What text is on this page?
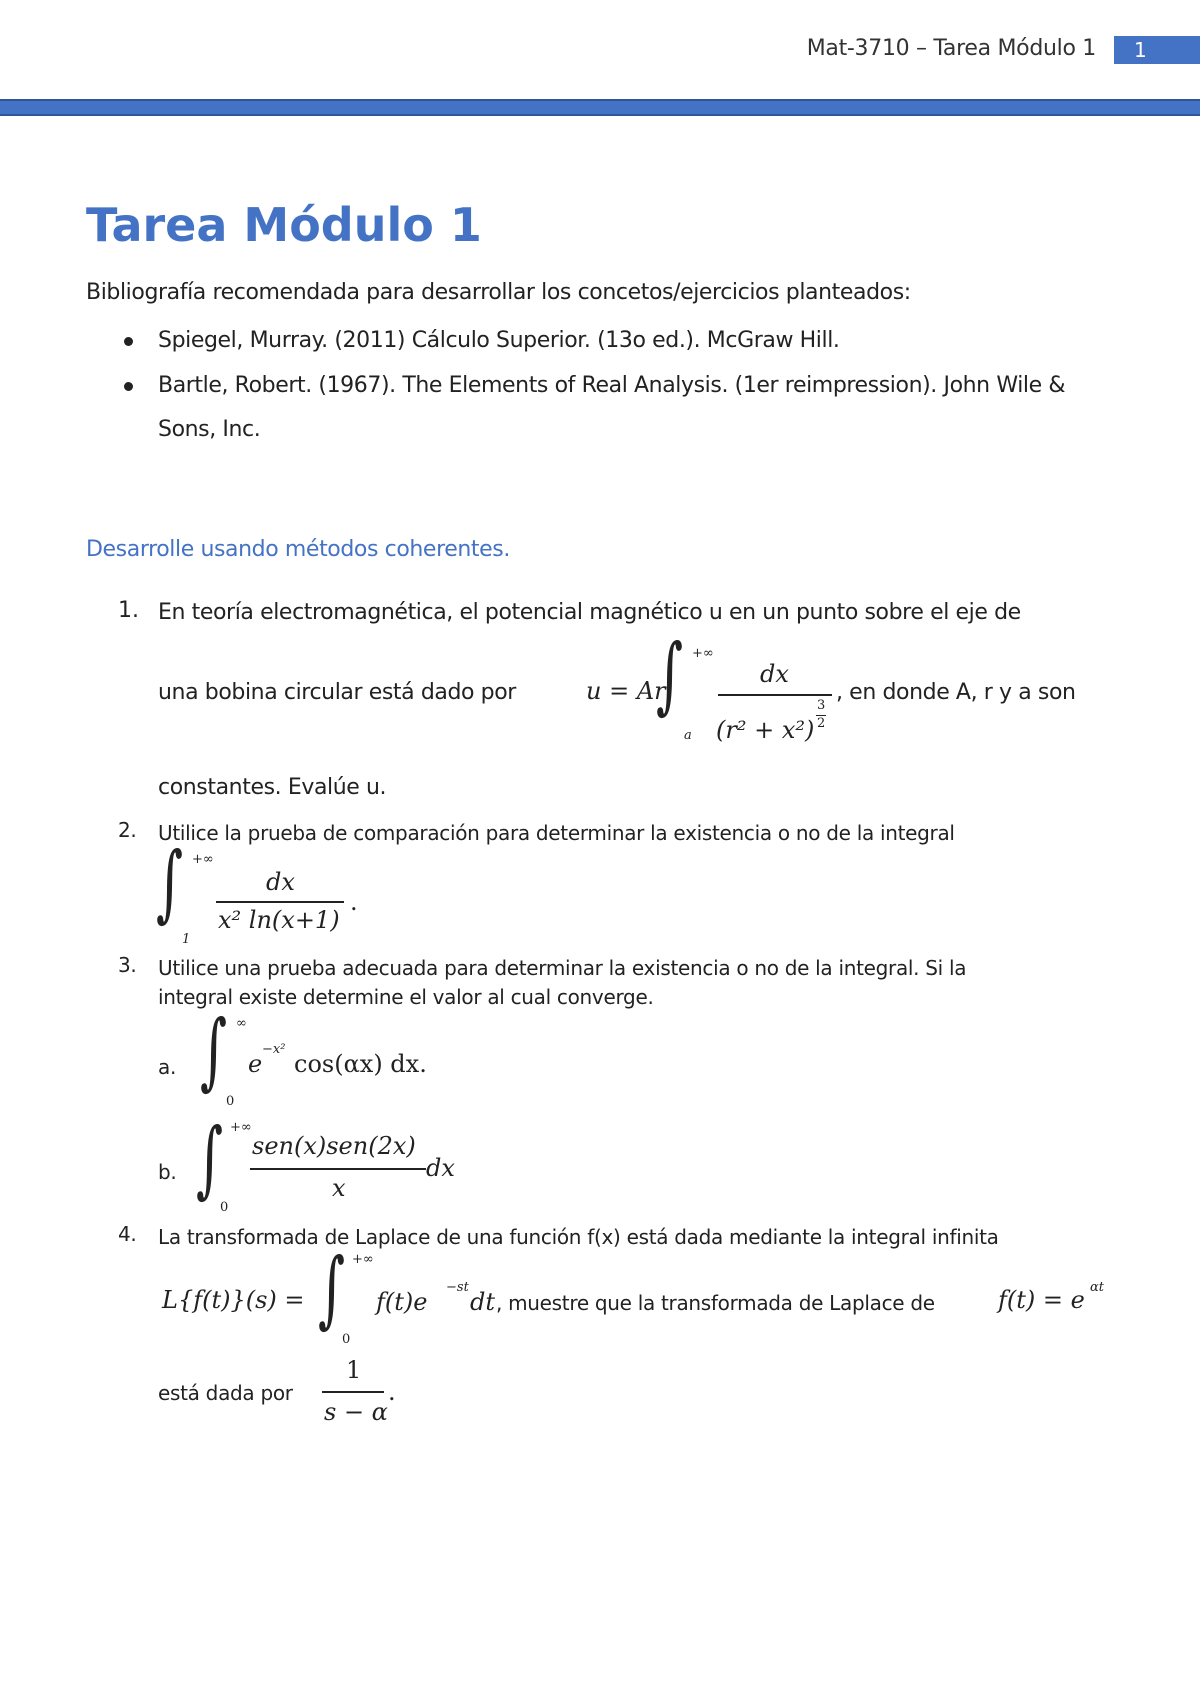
Mat-3710 – Tarea Módulo 1	1
Tarea Módulo 1

Bibliografía recomendada para desarrollar los concetos/ejercicios planteados:

Spiegel, Murray. (2011) Cálculo Superior. (13o ed.). McGraw Hill.

Bartle, Robert. (1967). The Elements of Real Analysis. (1er reimpression). John Wile &

Sons, Inc.

Desarrolle usando métodos coherentes.
1. En teoría electromagnética, el potencial magnético u en un punto sobre el eje de

una bobina circular está dado por	u = Ar
∫ +∞
a
dx
(r² + x²)
3
2

, en donde A, r y a son

constantes. Evalúe u.

2. Utilice la prueba de comparación para determinar la existencia o no de la integral

∫ +∞
1
dx
x² ln(x+1)
.
3. Utilice una prueba adecuada para determinar la existencia o no de la integral. Si la

integral existe determine el valor al cual converge.

a. ∫ ∞
0
e
−x²
cos(αx) dx.
b. ∫ +∞
0
sen(x)sen(2x)
x
dx
4. La transformada de Laplace de una función f(x) está dada mediante la integral infinita

L{f(t)}(s) = ∫ +∞
0
f(t)e
−st
dt , muestre que la transformada de Laplace de	f(t) = e αt

está dada por

1
s − α
.
